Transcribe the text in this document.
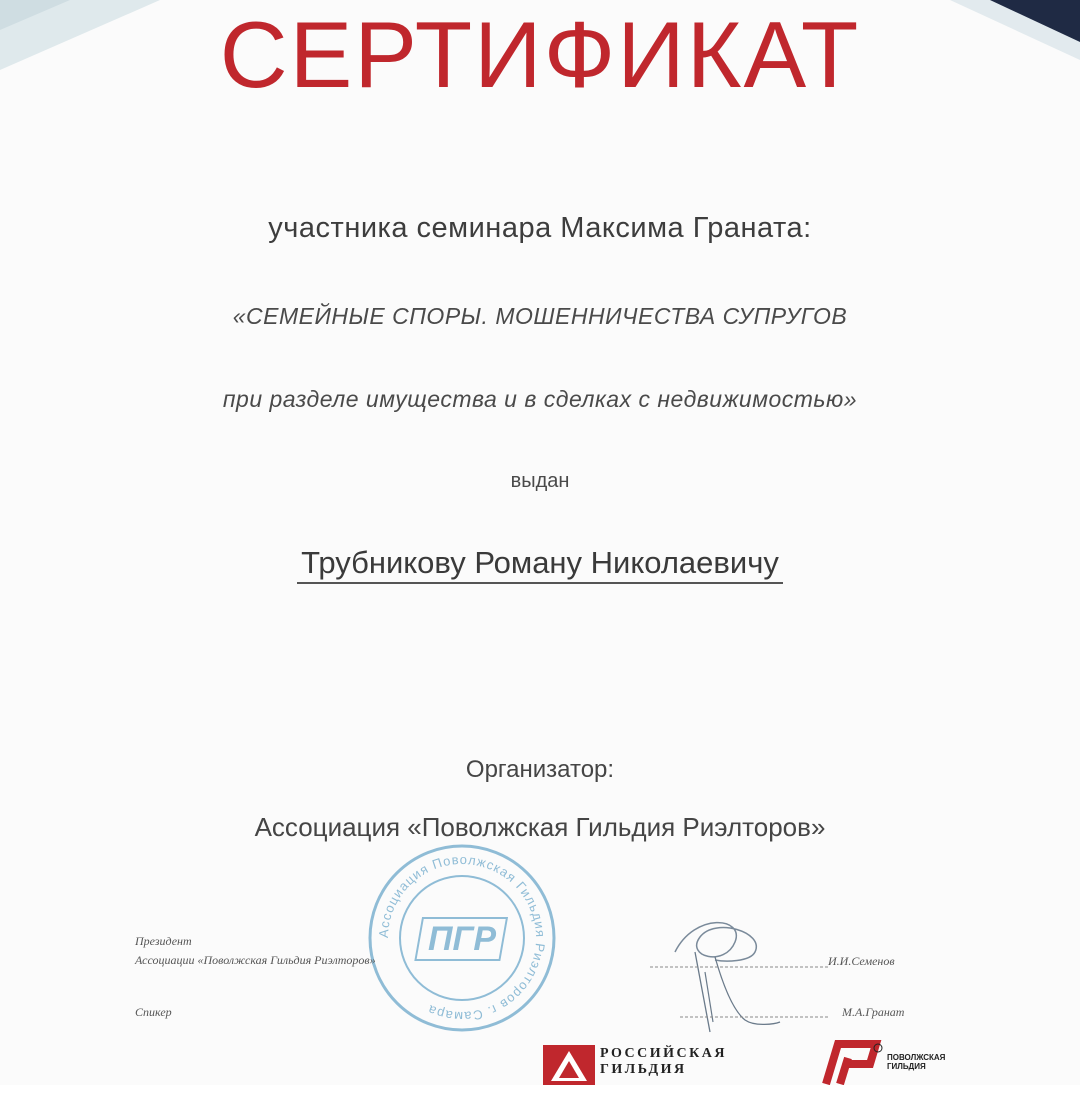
СЕРТИФИКАТ
участника семинара Максима Граната:
«СЕМЕЙНЫЕ СПОРЫ. МОШЕННИЧЕСТВА СУПРУГОВ
при разделе имущества и в сделках с недвижимостью»
выдан
Трубникову Роману Николаевичу
Организатор:
Ассоциация «Поволжская Гильдия Риэлторов»
Ассоциация Поволжская Гильдия Риэлторов г. Самара
ПГР
Президент
Ассоциации «Поволжская Гильдия Риэлторов»
Спикер
И.И.Семенов
М.А.Гранат
РОССИЙСКАЯ
ГИЛЬДИЯ
ПОВОЛЖСКАЯ
ГИЛЬДИЯ
